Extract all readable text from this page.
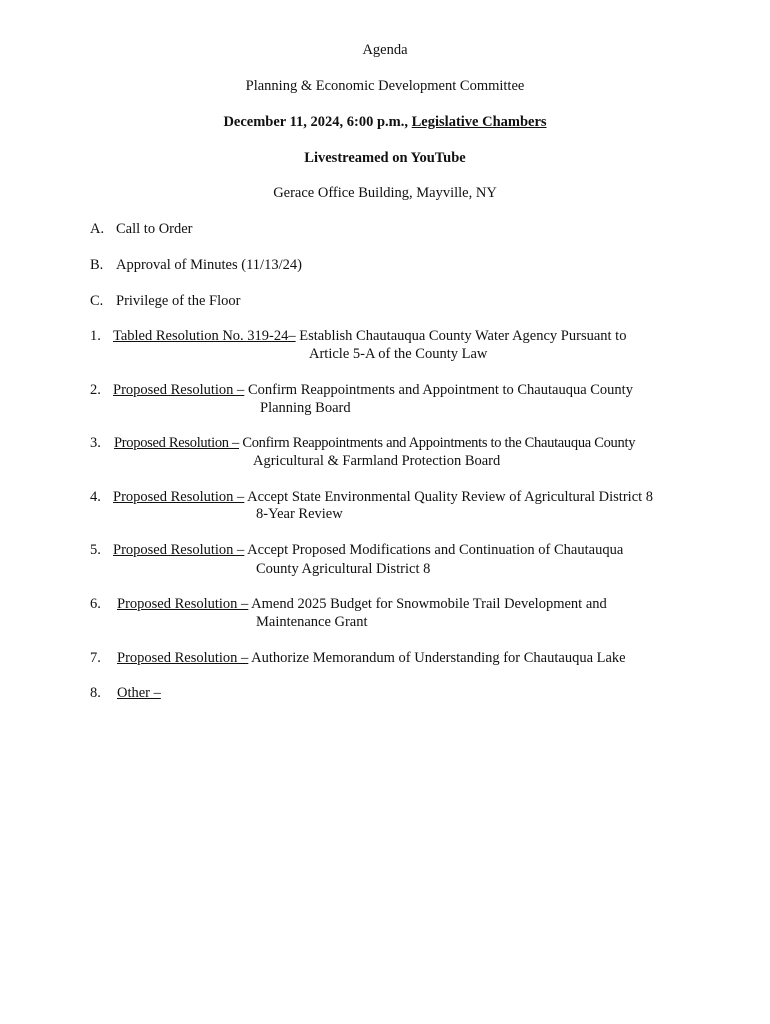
Agenda
Planning & Economic Development Committee
December 11, 2024, 6:00 p.m., Legislative Chambers
Livestreamed on YouTube
Gerace Office Building, Mayville, NY
A. Call to Order
B. Approval of Minutes (11/13/24)
C. Privilege of the Floor
1. Tabled Resolution No. 319-24– Establish Chautauqua County Water Agency Pursuant to
Article 5-A of the County Law
2. Proposed Resolution – Confirm Reappointments and Appointment to Chautauqua County
Planning Board
3. Proposed Resolution – Confirm Reappointments and Appointments to the Chautauqua County
Agricultural & Farmland Protection Board
4. Proposed Resolution – Accept State Environmental Quality Review of Agricultural District 8
8-Year Review
5. Proposed Resolution – Accept Proposed Modifications and Continuation of Chautauqua
County Agricultural District 8
6. Proposed Resolution – Amend 2025 Budget for Snowmobile Trail Development and
Maintenance Grant
7. Proposed Resolution – Authorize Memorandum of Understanding for Chautauqua Lake
8. Other –
